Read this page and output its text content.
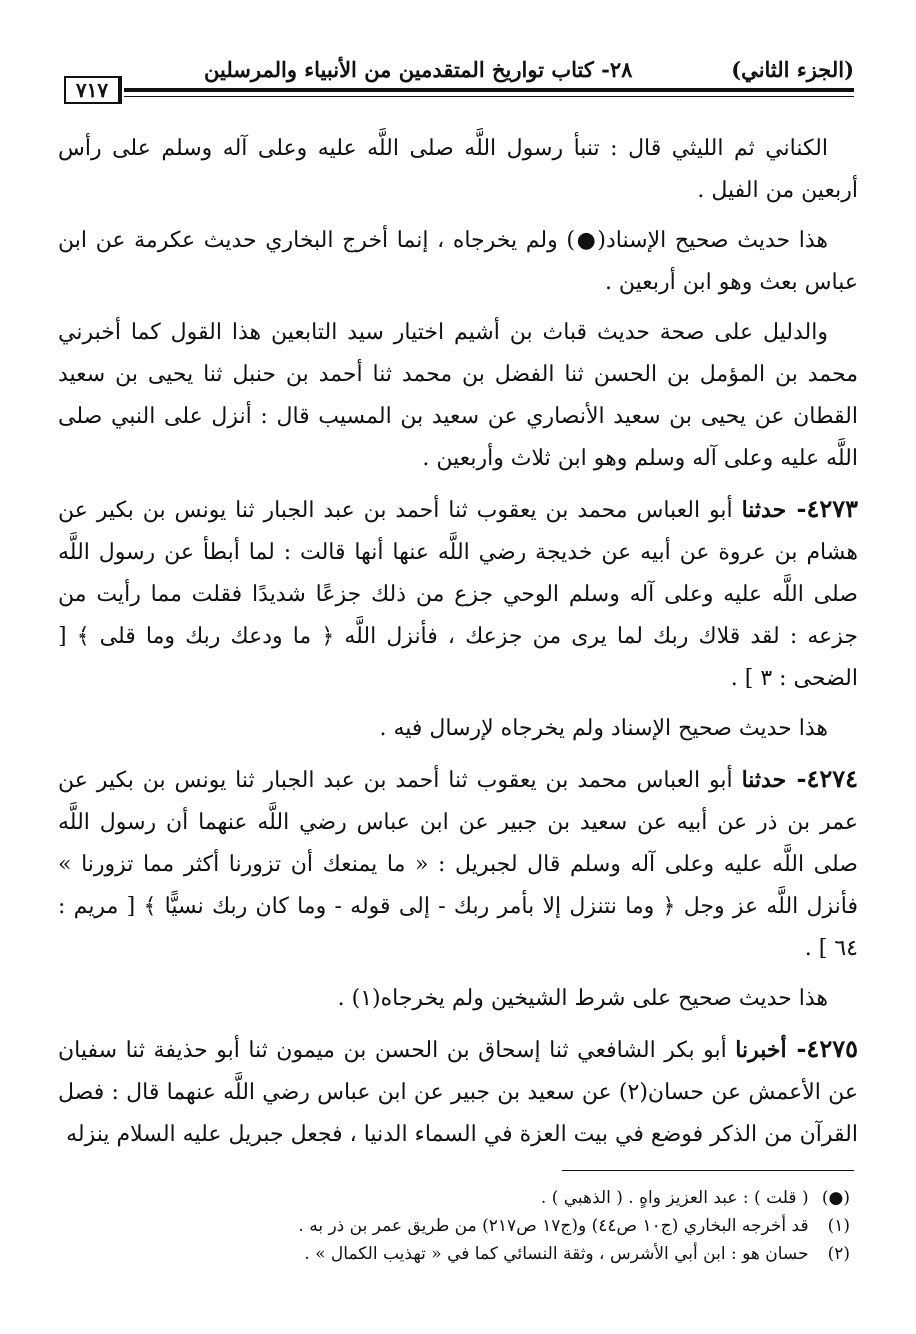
(الجزء الثاني)
٢٨- كتاب تواريخ المتقدمين من الأنبياء والمرسلين
٧١٧

الكناني ثم الليثي قال : تنبأ رسول اللَّه صلى اللَّه عليه وعلى آله وسلم على رأس أربعين من الفيل .

هذا حديث صحيح الإسناد(●) ولم يخرجاه ، إنما أخرج البخاري حديث عكرمة عن ابن عباس بعث وهو ابن أربعين .

والدليل على صحة حديث قباث بن أشيم اختيار سيد التابعين هذا القول كما أخبرني محمد بن المؤمل بن الحسن ثنا الفضل بن محمد ثنا أحمد بن حنبل ثنا يحيى بن سعيد القطان عن يحيى بن سعيد الأنصاري عن سعيد بن المسيب قال : أنزل على النبي صلى اللَّه عليه وعلى آله وسلم وهو ابن ثلاث وأربعين .

٤٢٧٣- حدثنا أبو العباس محمد بن يعقوب ثنا أحمد بن عبد الجبار ثنا يونس بن بكير عن هشام بن عروة عن أبيه عن خديجة رضي اللَّه عنها أنها قالت : لما أبطأ عن رسول اللَّه صلى اللَّه عليه وعلى آله وسلم الوحي جزع من ذلك جزعًا شديدًا فقلت مما رأيت من جزعه : لقد قلاك ربك لما يرى من جزعك ، فأنزل اللَّه ﴿ ما ودعك ربك وما قلى ﴾ [ الضحى : ٣ ] .

هذا حديث صحيح الإسناد ولم يخرجاه لإرسال فيه .

٤٢٧٤- حدثنا أبو العباس محمد بن يعقوب ثنا أحمد بن عبد الجبار ثنا يونس بن بكير عن عمر بن ذر عن أبيه عن سعيد بن جبير عن ابن عباس رضي اللَّه عنهما أن رسول اللَّه صلى اللَّه عليه وعلى آله وسلم قال لجبريل : « ما يمنعك أن تزورنا أكثر مما تزورنا » فأنزل اللَّه عز وجل ﴿ وما نتنزل إلا بأمر ربك - إلى قوله - وما كان ربك نسيًّا ﴾ [ مريم : ٦٤ ] .

هذا حديث صحيح على شرط الشيخين ولم يخرجاه(١) .

٤٢٧٥- أخبرنا أبو بكر الشافعي ثنا إسحاق بن الحسن بن ميمون ثنا أبو حذيفة ثنا سفيان عن الأعمش عن حسان(٢) عن سعيد بن جبير عن ابن عباس رضي اللَّه عنهما قال : فصل القرآن من الذكر فوضع في بيت العزة في السماء الدنيا ، فجعل جبريل عليه السلام ينزله

(●) ( قلت ) : عبد العزيز واهٍ . ( الذهبي ) .

(١) قد أخرجه البخاري (ج١٠ ص٤٤) و(ج١٧ ص٢١٧) من طريق عمر بن ذر به .

(٢) حسان هو : ابن أبي الأشرس ، وثقة النسائي كما في « تهذيب الكمال » .
